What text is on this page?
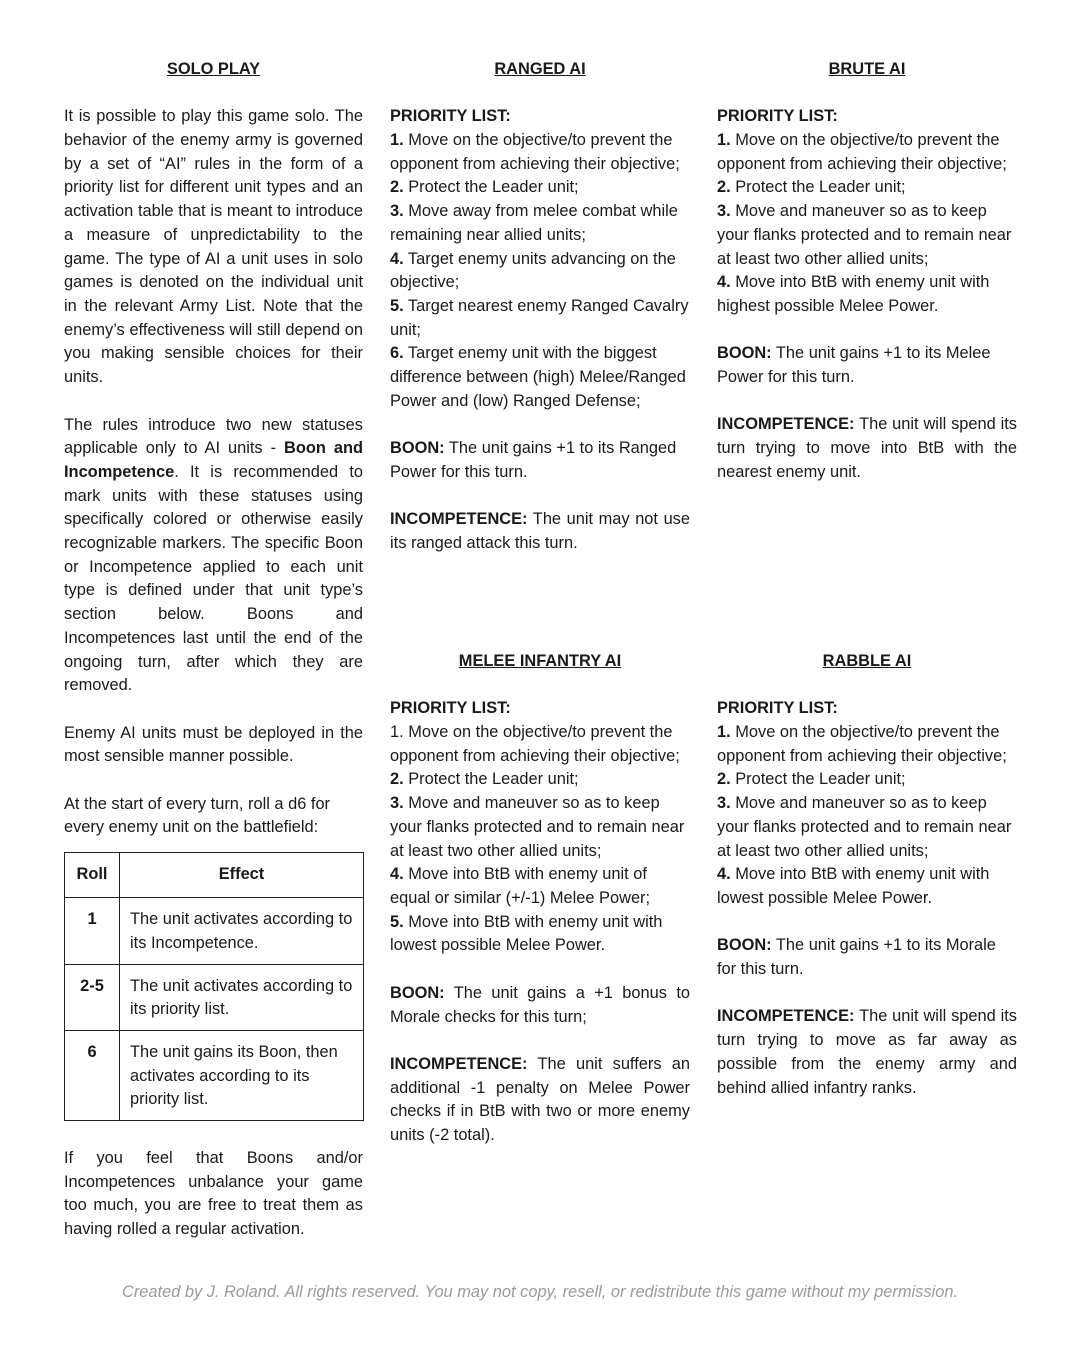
SOLO PLAY

It is possible to play this game solo. The behavior of the enemy army is governed by a set of “AI” rules in the form of a priority list for different unit types and an activation table that is meant to introduce a measure of unpredictability to the game. The type of AI a unit uses in solo games is denoted on the individual unit in the relevant Army List. Note that the enemy’s effectiveness will still depend on you making sensible choices for their units.

The rules introduce two new statuses applicable only to AI units - Boon and Incompetence. It is recommended to mark units with these statuses using specifically colored or otherwise easily recognizable markers. The specific Boon or Incompetence applied to each unit type is defined under that unit type’s section below. Boons and Incompetences last until the end of the ongoing turn, after which they are removed.

Enemy AI units must be deployed in the most sensible manner possible.

At the start of every turn, roll a d6 for every enemy unit on the battlefield:

Roll	Effect
1	The unit activates according to its Incompetence.
2-5	The unit activates according to its priority list.
6	The unit gains its Boon, then activates according to its priority list.

If you feel that Boons and/or Incompetences unbalance your game too much, you are free to treat them as having rolled a regular activation.

RANGED AI
PRIORITY LIST:

1. Move on the objective/to prevent the opponent from achieving their objective;

2. Protect the Leader unit;

3. Move away from melee combat while remaining near allied units;

4. Target enemy units advancing on the objective;

5. Target nearest enemy Ranged Cavalry unit;

6. Target enemy unit with the biggest difference between (high) Melee/Ranged Power and (low) Ranged Defense;

BOON: The unit gains +1 to its Ranged Power for this turn.

INCOMPETENCE: The unit may not use its ranged attack this turn.

BRUTE AI
PRIORITY LIST:

1. Move on the objective/to prevent the opponent from achieving their objective;

2. Protect the Leader unit;

3. Move and maneuver so as to keep your flanks protected and to remain near at least two other allied units;

4. Move into BtB with enemy unit with highest possible Melee Power.

BOON: The unit gains +1 to its Melee Power for this turn.

INCOMPETENCE: The unit will spend its turn trying to move into BtB with the nearest enemy unit.

MELEE INFANTRY AI
PRIORITY LIST:

1. Move on the objective/to prevent the opponent from achieving their objective;

2. Protect the Leader unit;

3. Move and maneuver so as to keep your flanks protected and to remain near at least two other allied units;

4. Move into BtB with enemy unit of equal or similar (+/-1) Melee Power;

5. Move into BtB with enemy unit with lowest possible Melee Power.

BOON: The unit gains a +1 bonus to Morale checks for this turn;

INCOMPETENCE: The unit suffers an additional -1 penalty on Melee Power checks if in BtB with two or more enemy units (-2 total).

RABBLE AI
PRIORITY LIST:

1. Move on the objective/to prevent the opponent from achieving their objective;

2. Protect the Leader unit;

3. Move and maneuver so as to keep your flanks protected and to remain near at least two other allied units;

4. Move into BtB with enemy unit with lowest possible Melee Power.

BOON: The unit gains +1 to its Morale for this turn.

INCOMPETENCE: The unit will spend its turn trying to move as far away as possible from the enemy army and behind allied infantry ranks.

Created by J. Roland. All rights reserved. You may not copy, resell, or redistribute this game without my permission.
